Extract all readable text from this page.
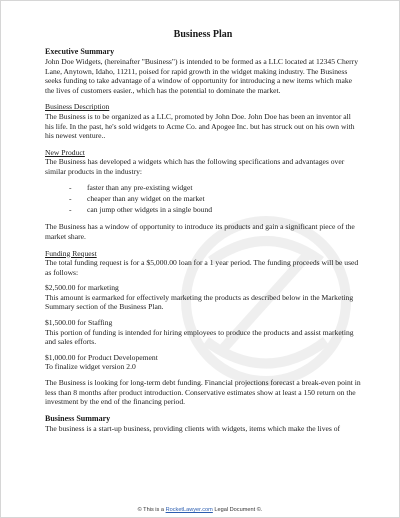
Business Plan
Executive Summary

John Doe Widgets, (hereinafter "Business") is intended to be formed as a LLC located at 12345 Cherry Lane, Anytown, Idaho, 11211, poised for rapid growth in the widget making industry. The Business seeks funding to take advantage of a window of opportunity for introducing a new items which make the lives of customers easier., which has the potential to dominate the market.

Business Description

The Business is to be organized as a LLC, promoted by John Doe. John Doe has been an inventor all his life. In the past, he's sold widgets to Acme Co. and Apogee Inc. but has struck out on his own with his newest venture..

New Product

The Business has developed a widgets which has the following specifications and advantages over similar products in the industry:

-	faster than any pre-existing widget
-	cheaper than any widget on the market
-	can jump other widgets in a single bound

The Business has a window of opportunity to introduce its products and gain a significant piece of the market share.

Funding Request

The total funding request is for a $5,000.00 loan for a 1 year period. The funding proceeds will be used as follows:

$2,500.00 for marketing
This amount is earmarked for effectively marketing the products as described below in the Marketing Summary section of the Business Plan.

$1,500.00 for Staffing
This portion of funding is intended for hiring employees to produce the products and assist marketing and sales efforts.

$1,000.00 for Product Developement
To finalize widget version 2.0

The Business is looking for long-term debt funding. Financial projections forecast a break-even point in less than 8 months after product introduction. Conservative estimates show at least a 150 return on the investment by the end of the financing period.

Business Summary

The business is a start-up business, providing clients with widgets, items which make the lives of

© This is a RocketLawyer.com Legal Document ©.
